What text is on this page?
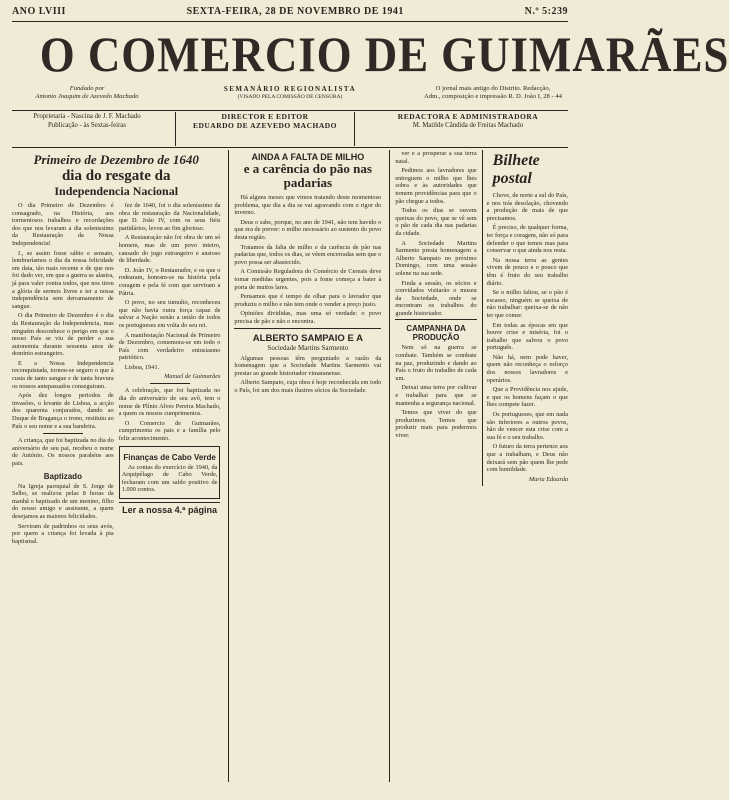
ANO LVIII	SEXTA-FEIRA, 28 DE NOVEMBRO DE 1941	N.º 5:239
O COMERCIO DE GUIMARÃES
Fundado por
Antonio Joaquim de Azevedo Machado
SEMANÁRIO REGIONALISTA
(VISADO PELA COMISSÃO DE CENSURA)
O jornal mais antigo do Distrito. Redacção,
Adm., composição e impressão R. D. João I, 28 - 44
Proprietaria - Nascina de J. F. Machado
Publicação - às Sextas-feiras
DIRECTOR E EDITOR
EDUARDO DE AZEVEDO MACHADO
REDACTORA E ADMINISTRADORA
M. Matilde Cândida de Freitas Machado
Primeiro de Dezembro de 1640
dia do resgate da
Independencia Nacional

O dia Primeiro de Dezembro é consagrado, na História, aos tormentosos trabalhos e recordações dos que nos levaram a dia solenissimo da Restauração da Nossa Independencia!

I., se assim fosse sábio e sensato, lembraríamos o dia da nossa felicidade em data, tão mais recente e de que nos foi dado ver, em que a guerra se alastra, já para valer contra todos, que nos tirou a glória de sermos livres e ter a nossa independência sem derramamento de sangue.

O dia Primeiro de Dezembro é o dia da Restauração da Independencia, mas ninguém desconhece o perigo em que o nosso País se viu de perder a sua autonomia durante sessenta anos de domínio estrangeiro.

E a Nossa Independencia reconquistada, tornou-se seguro o que à custa de tanto sangue e de tanta bravura os nossos antepassados conseguiram.

Após dez longos periodos de invasões, o levante de Lisboa, a acção dos quarenta conjurados, dando ao Duque de Bragança o trono, restituiu ao País o seu nome e a sua bandeira.

A criança, que foi baptizada no dia do aniversário de seu pai, recebeu o nome de António. Os nossos parabéns aos pais.

Baptizado

Na Igreja paroquial de S. Jorge de Selho, se realizou pelas 8 horas da manhã o baptizado de um menino, filho do nosso amigo e assinante, a quem desejamos as maiores felicidades.

Serviram de padrinhos os seus avós, por quem a criança foi levada à pia baptismal.

fez de 1640, foi o dia soleníssimo da obra de restauração da Nacionalidade, que D. João IV, com os seus fiéis partidários, levou ao fim glorioso.

A Restauração não foi obra de um só homem, mas de um povo inteiro, cansado do jugo estrangeiro e ansioso de liberdade.

D. João IV, o Restaurador, e os que o rodearam, honram-se na história pela coragem e pela fé com que serviram a Pátria.

O povo, no seu tumulto, reconheceu que não havia outra força capaz de salvar a Nação senão a união de todos os portugueses em volta do seu rei.

A manifestação Nacional de Primeiro de Dezembro, comemora-se em todo o País com verdadeiro entusiasmo patriótico.

Lisboa, 1941.
Manuel de Guimarães

A celebração, que foi baptizada no dia do aniversário de seu avô, tem o nome de Plínio Alves Pereira Machado, a quem os nossos cumprimentos.

O Comercio de Guimarães, cumprimenta os pais e a família pelo feliz acontecimento.

Finanças de Cabo Verde

As contas do exercício de 1940, da Arquipélago de Cabo Verde, fecharam com um saldo positivo de 1.000 contos.

Ler a nossa 4.ª página
AINDA A FALTA DE MILHO
e a carência do pão nas padarias

Há alguns meses que vimos tratando deste momentoso problema, que dia a dia se vai agravando com o rigor do inverno.

Deus o sabe, porque, no ano de 1941, não tem havido o que era de prever: o milho necessário ao sustento do povo desta região.

Tratamos da falta de milho e da carência de pão nas padarias que, todos os dias, se vêem encerradas sem que o povo possa ser abastecido.

A Comissão Reguladora do Comércio de Cereais deve tomar medidas urgentes, pois a fome começa a bater à porta de muitos lares.

Pensamos que é tempo de olhar para o lavrador que produziu o milho e não tem onde o vender a preço justo.

Opiniões divididas, mas uma só verdade: o povo precisa de pão e não o encontra.

ALBERTO SAMPAIO E A
Sociedade Martins Sarmento

Algumas pessoas têm perguntado a razão da homenagem que a Sociedade Martins Sarmento vai prestar ao grande historiador vimaranense.

Alberto Sampaio, cuja obra é hoje reconhecida em todo o País, foi um dos mais ilustres sócios da Sociedade.

ver e a prosperar a sua terra natal.

Pedimos aos lavradores que entreguem o milho que lhes sobra e às autoridades que tomem providências para que o pão chegue a todos.

Todos os dias se ouvem queixas do povo, que se vê sem o pão de cada dia nas padarias da cidade.

A Sociedade Martins Sarmento presta homenagem a Alberto Sampaio no próximo Domingo, com uma sessão solene na sua sede.

Finda a sessão, os sócios e convidados visitarão o museu da Sociedade, onde se encontram os trabalhos do grande historiador.

CAMPANHA DA PRODUÇÃO

Nem só na guerra se combate. Também se combate na paz, produzindo e dando ao País o fruto do trabalho de cada um.

Deixai uma terra por cultivar e trabalhai para que se mantenha a segurança nacional.

Temos que viver do que produzimos. Temos que produzir mais para podermos viver.

Bilhete postal

Chove, de norte a sul do País, e nos trás desolação, chovendo a produção de mais de que precisamos.

É preciso, de qualquer forma, ter força e coragem, não só para defender o que temos mas para conservar o que ainda nos resta.

Na nossa terra as gentes vivem de pouco e o pouco que têm é fruto do seu trabalho diário.

Se o milho faltou, se o pão é escasso, ninguém se queixa de não trabalhar: queixa-se de não ter que comer.

Em todas as épocas em que houve crise e miséria, foi o trabalho que salvou o povo português.

Não há, nem pode haver, quem não reconheça o esforço dos nossos lavradores e operários.

Que a Providência nos ajude, e que os homens façam o que lhes compete fazer.

Os portugueses, que em nada são inferiores a outros povos, hão de vencer esta crise com a sua fé e o seu trabalho.

O futuro da terra pertence aos que a trabalham, e Deus não deixará sem pão quem lhe pede com humildade.

Maria Eduarda
